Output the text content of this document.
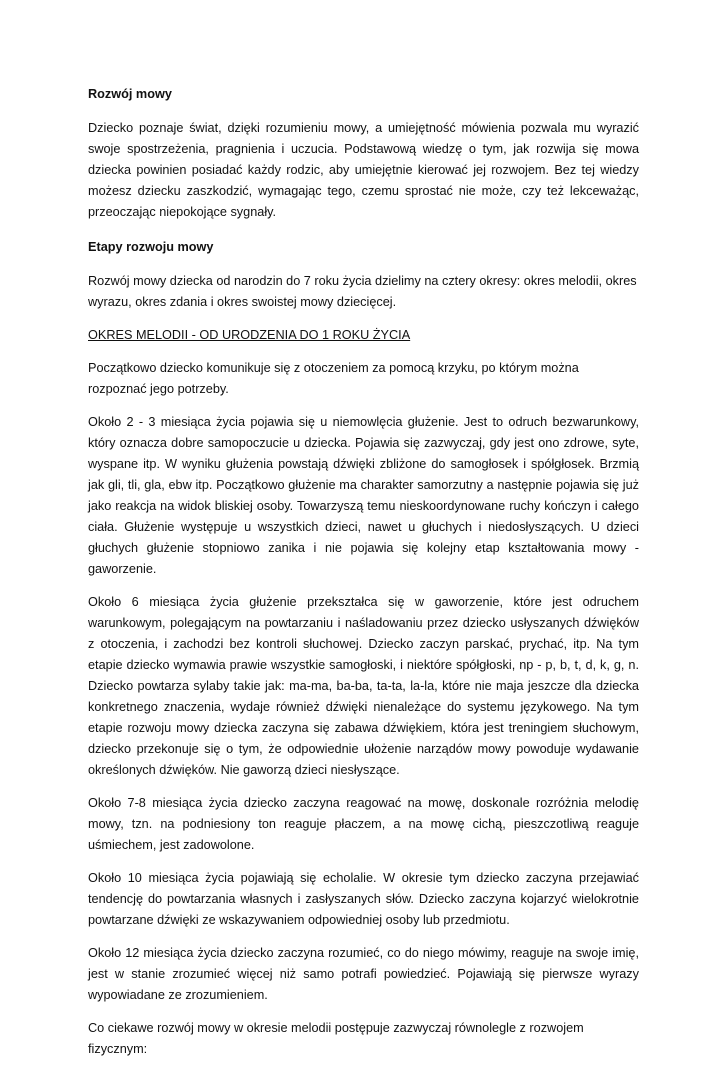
Rozwój mowy
Dziecko poznaje świat, dzięki rozumieniu mowy, a umiejętność mówienia pozwala mu wyrazić swoje spostrzeżenia, pragnienia i uczucia. Podstawową wiedzę o tym, jak rozwija się mowa dziecka powinien posiadać każdy rodzic, aby umiejętnie kierować jej rozwojem. Bez tej wiedzy możesz dziecku zaszkodzić, wymagając tego, czemu sprostać nie może, czy też lekceważąc, przeoczając niepokojące sygnały.
Etapy rozwoju mowy
Rozwój mowy dziecka od narodzin do 7 roku życia dzielimy na cztery okresy: okres melodii, okres wyrazu, okres zdania i okres swoistej mowy dziecięcej.
OKRES MELODII - OD URODZENIA DO 1 ROKU ŻYCIA
Początkowo dziecko komunikuje się z otoczeniem za pomocą krzyku, po którym można rozpoznać jego potrzeby.
Około 2 - 3 miesiąca życia pojawia się u niemowlęcia głużenie. Jest to odruch bezwarunkowy, który oznacza dobre samopoczucie u dziecka. Pojawia się zazwyczaj, gdy jest ono zdrowe, syte, wyspane itp. W wyniku głużenia powstają dźwięki zbliżone do samogłosek i spółgłosek. Brzmią jak gli, tli, gla, ebw itp. Początkowo głużenie ma charakter samorzutny a następnie pojawia się już jako reakcja na widok bliskiej osoby. Towarzyszą temu nieskoordynowane ruchy kończyn i całego ciała. Głużenie występuje u wszystkich dzieci, nawet u głuchych i niedosłyszących. U dzieci głuchych głużenie stopniowo zanika i nie pojawia się kolejny etap kształtowania mowy - gaworzenie.
Około 6 miesiąca życia głużenie przekształca się w gaworzenie, które jest odruchem warunkowym, polegającym na powtarzaniu i naśladowaniu przez dziecko usłyszanych dźwięków z otoczenia, i zachodzi bez kontroli słuchowej. Dziecko zaczyn parskać, prychać, itp. Na tym etapie dziecko wymawia prawie wszystkie samogłoski, i niektóre spółgłoski, np - p, b, t, d, k, g, n. Dziecko powtarza sylaby takie jak: ma-ma, ba-ba, ta-ta, la-la, które nie maja jeszcze dla dziecka konkretnego znaczenia, wydaje również dźwięki nienależące do systemu językowego. Na tym etapie rozwoju mowy dziecka zaczyna się zabawa dźwiękiem, która jest treningiem słuchowym, dziecko przekonuje się o tym, że odpowiednie ułożenie narządów mowy powoduje wydawanie określonych dźwięków. Nie gaworzą dzieci niesłyszące.
Około 7-8 miesiąca życia dziecko zaczyna reagować na mowę, doskonale rozróżnia melodię mowy, tzn. na podniesiony ton reaguje płaczem, a na mowę cichą, pieszczotliwą reaguje uśmiechem, jest zadowolone.
Około 10 miesiąca życia pojawiają się echolalie. W okresie tym dziecko zaczyna przejawiać tendencję do powtarzania własnych i zasłyszanych słów. Dziecko zaczyna kojarzyć wielokrotnie powtarzane dźwięki ze wskazywaniem odpowiedniej osoby lub przedmiotu.
Około 12 miesiąca życia dziecko zaczyna rozumieć, co do niego mówimy, reaguje na swoje imię, jest w stanie zrozumieć więcej niż samo potrafi powiedzieć. Pojawiają się pierwsze wyrazy wypowiadane ze zrozumieniem.
Co ciekawe rozwój mowy w okresie melodii postępuje zazwyczaj równolegle z rozwojem fizycznym:
